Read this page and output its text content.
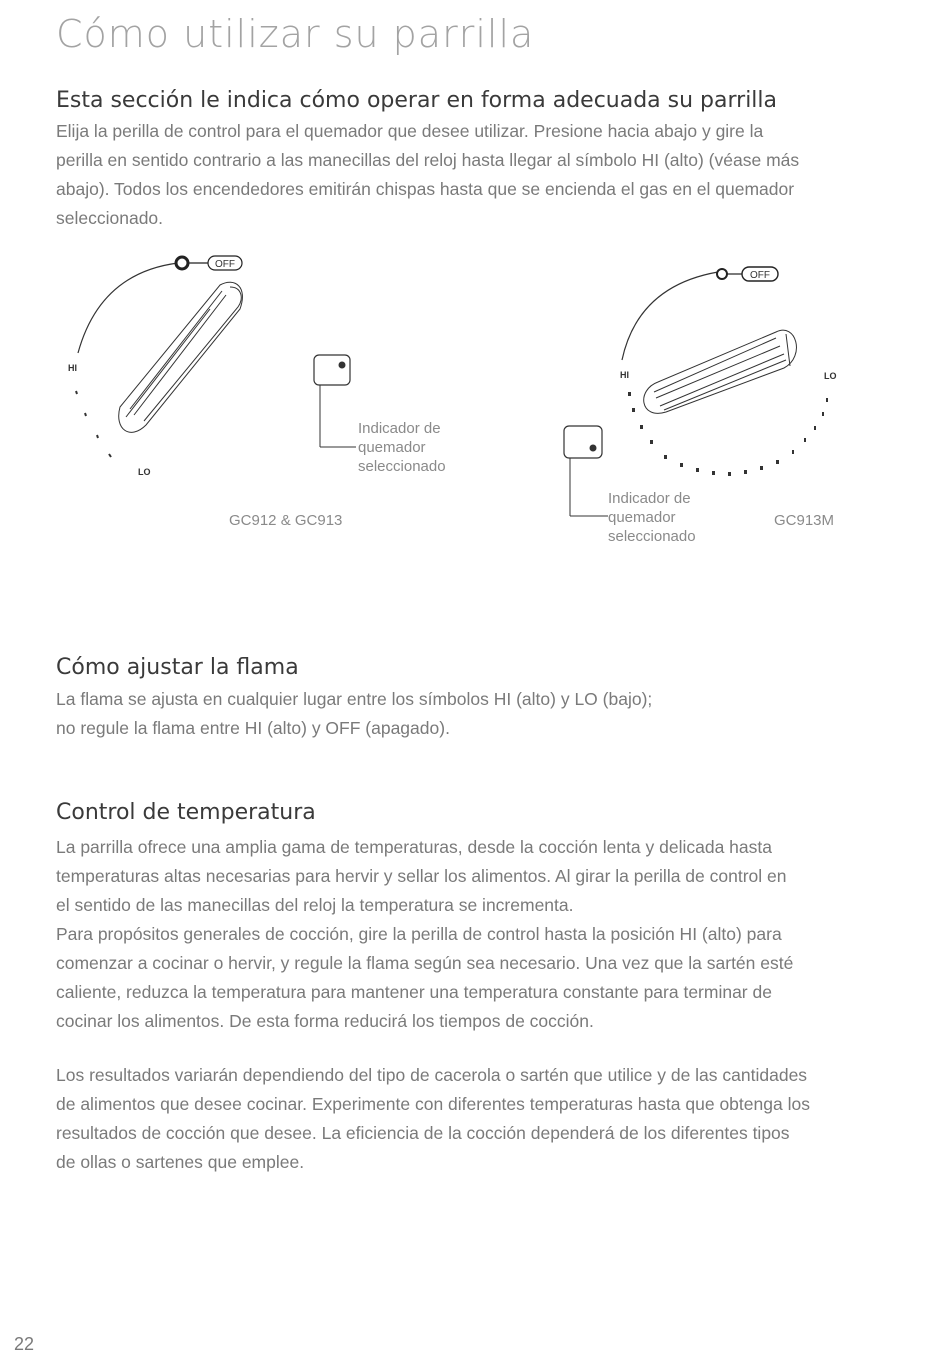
Cómo utilizar su parrilla
Esta sección le indica cómo operar en forma adecuada su parrilla
Elija la perilla de control para el quemador que desee utilizar. Presione hacia abajo y gire la
perilla en sentido contrario a las manecillas del reloj hasta llegar al símbolo HI (alto) (véase más
abajo). Todos los encendedores emitirán chispas hasta que se encienda el gas en el quemador
seleccionado.
OFF
HI
LO
Indicador de
quemador
seleccionado
GC912 & GC913
OFF
HI	LO
Indicador de
quemador
seleccionado
GC913M
Cómo ajustar la flama
La flama se ajusta en cualquier lugar entre los símbolos HI (alto) y LO (bajo);
no regule la flama entre HI (alto) y OFF (apagado).
Control de temperatura
La parrilla ofrece una amplia gama de temperaturas, desde la cocción lenta y delicada hasta
temperaturas altas necesarias para hervir y sellar los alimentos. Al girar la perilla de control en
el sentido de las manecillas del reloj la temperatura se incrementa.
Para propósitos generales de cocción, gire la perilla de control hasta la posición HI (alto) para
comenzar a cocinar o hervir, y regule la flama según sea necesario. Una vez que la sartén esté
caliente, reduzca la temperatura para mantener una temperatura constante para terminar de
cocinar los alimentos. De esta forma reducirá los tiempos de cocción.
Los resultados variarán dependiendo del tipo de cacerola o sartén que utilice y de las cantidades
de alimentos que desee cocinar. Experimente con diferentes temperaturas hasta que obtenga los
resultados de cocción que desee. La eficiencia de la cocción dependerá de los diferentes tipos
de ollas o sartenes que emplee.
22
